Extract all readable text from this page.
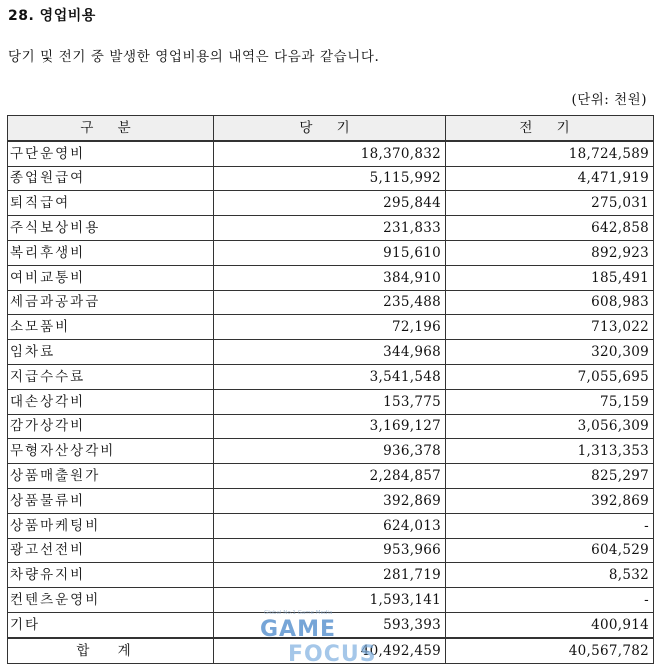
28. 영업비용
당기 및 전기 중 발생한 영업비용의 내역은 다음과 같습니다.
(단위: 천원)
구 분	당 기	전 기
구단운영비	18,370,832	18,724,589
종업원급여	5,115,992	4,471,919
퇴직급여	295,844	275,031
주식보상비용	231,833	642,858
복리후생비	915,610	892,923
여비교통비	384,910	185,491
세금과공과금	235,488	608,983
소모품비	72,196	713,022
임차료	344,968	320,309
지급수수료	3,541,548	7,055,695
대손상각비	153,775	75,159
감가상각비	3,169,127	3,056,309
무형자산상각비	936,378	1,313,353
상품매출원가	2,284,857	825,297
상품물류비	392,869	392,869
상품마케팅비	624,013	-
광고선전비	953,966	604,529
차량유지비	281,719	8,532
컨텐츠운영비	1,593,141	-
기타	593,393	400,914
합 계	40,492,459	40,567,782
Global No.1 Game Media
GAME
FOCUS
